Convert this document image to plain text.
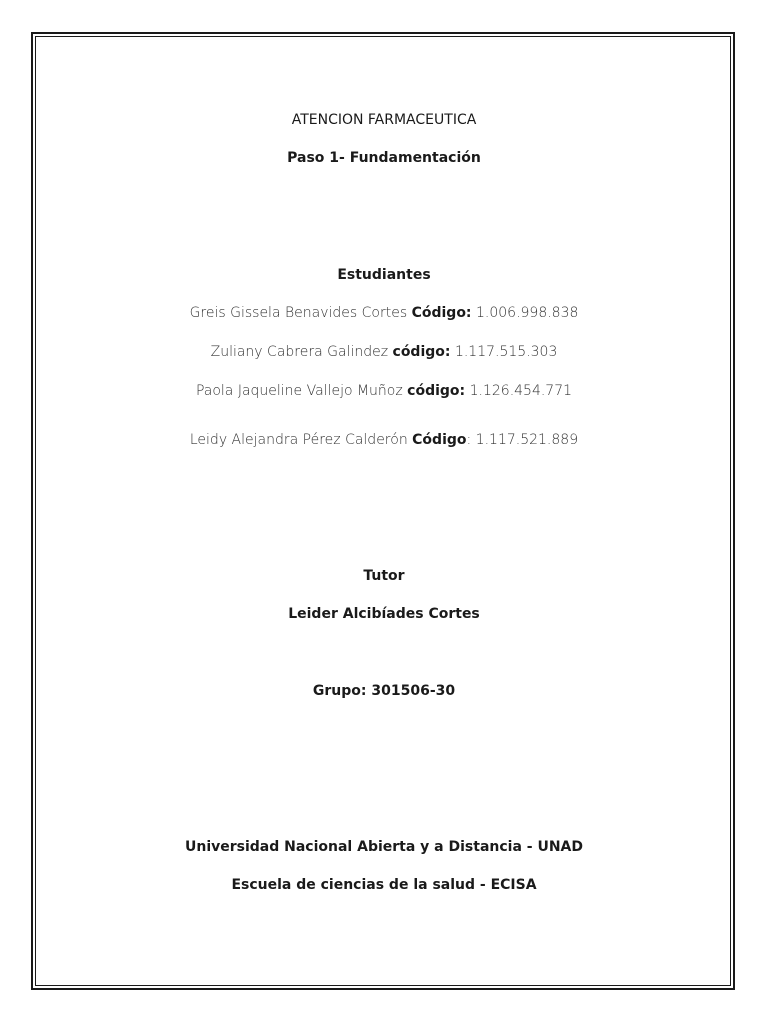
ATENCION FARMACEUTICA
Paso 1- Fundamentación
Estudiantes
Greis Gissela Benavides Cortes Código: 1.006.998.838
Zuliany Cabrera Galindez código: 1.117.515.303
Paola Jaqueline Vallejo Muñoz código: 1.126.454.771
Leidy Alejandra Pérez Calderón Código: 1.117.521.889
Tutor
Leider Alcibíades Cortes
Grupo: 301506-30
Universidad Nacional Abierta y a Distancia - UNAD
Escuela de ciencias de la salud - ECISA
